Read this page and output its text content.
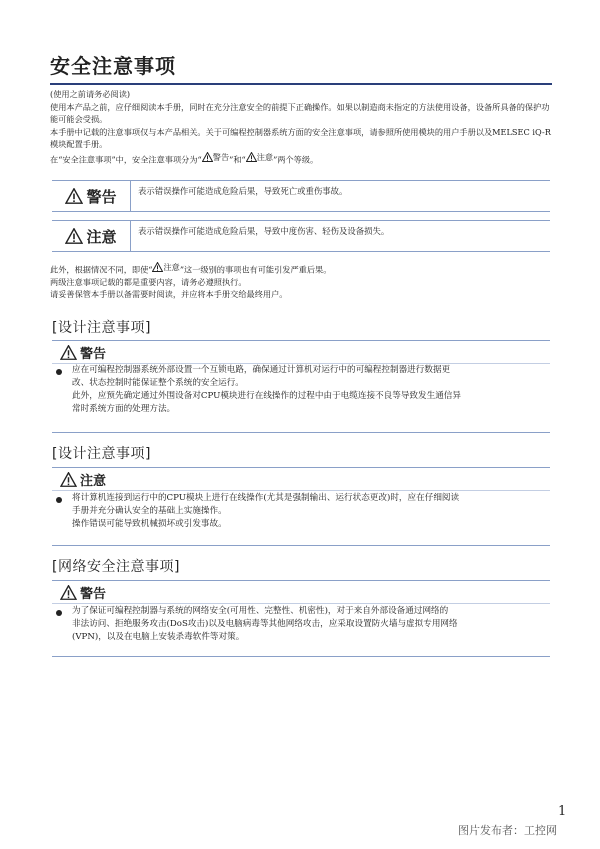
安全注意事项

(使用之前请务必阅读)

使用本产品之前，应仔细阅读本手册，同时在充分注意安全的前提下正确操作。如果以制造商未指定的方法使用设备，设备所具备的保护功能可能会受损。

本手册中记载的注意事项仅与本产品相关。关于可编程控制器系统方面的安全注意事项，请参照所使用模块的用户手册以及MELSEC iQ-R 模块配置手册。

在“安全注意事项”中，安全注意事项分为“ 警告 ”和“ 注意 ”两个等级。

警告	表示错误操作可能造成危险后果，导致死亡或重伤事故。
注意	表示错误操作可能造成危险后果，导致中度伤害、轻伤及设备损失。

此外，根据情况不同，即使“ 注意 ”这一级别的事项也有可能引发严重后果。

两级注意事项记载的都是重要内容，请务必遵照执行。

请妥善保管本手册以备需要时阅读，并应将本手册交给最终用户。

[设计注意事项]
警告

应在可编程控制器系统外部设置一个互锁电路，确保通过计算机对运行中的可编程控制器进行数据更

改、状态控制时能保证整个系统的安全运行。

此外，应预先确定通过外围设备对CPU模块进行在线操作的过程中由于电缆连接不良等导致发生通信异

常时系统方面的处理方法。

[设计注意事项]
注意

将计算机连接到运行中的CPU模块上进行在线操作(尤其是强制输出、运行状态更改)时，应在仔细阅读

手册并充分确认安全的基础上实施操作。

操作错误可能导致机械损坏或引发事故。

[网络安全注意事项]
警告

为了保证可编程控制器与系统的网络安全(可用性、完整性、机密性)，对于来自外部设备通过网络的

非法访问、拒绝服务攻击(DoS攻击)以及电脑病毒等其他网络攻击，应采取设置防火墙与虚拟专用网络

(VPN)，以及在电脑上安装杀毒软件等对策。

1
图片发布者：工控网
